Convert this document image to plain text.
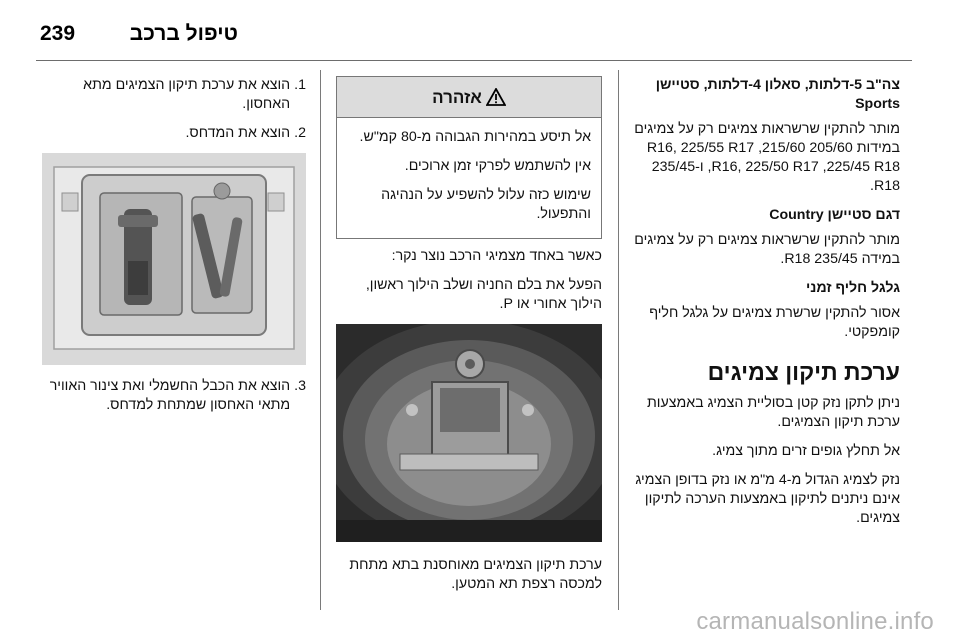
239	טיפול ברכב
צה"ב 5-דלתות, סאלון 4-דלתות, סטיישן Sports

מותר להתקין שרשראות צמיגים רק על צמיגים במידות 205/60 R16, 225/55 R17 ,215/60 R16, 225/50 R17 ,225/45 R18, ו-235/45 R18.

דגם סטיישן Country

מותר להתקין שרשראות צמיגים רק על צמיגים במידה 235/45 R18.

גלגל חליף זמני

אסור להתקין שרשרת צמיגים על גלגל חליף קומפקטי.

ערכת תיקון צמיגים

ניתן לתקן נזק קטן בסוליית הצמיג באמצעות ערכת תיקון הצמיגים.

אל תחלץ גופים זרים מתוך צמיג.

נזק לצמיג הגדול מ-4 מ"מ או נזק בדופן הצמיג אינם ניתנים לתיקון באמצעות הערכה לתיקון צמיגים.

אזהרה

אל תיסע במהירות הגבוהה מ-80 קמ"ש.

אין להשתמש לפרקי זמן ארוכים.

שימוש כזה עלול להשפיע על הנהיגה והתפעול.

כאשר באחד מצמיגי הרכב נוצר נקר:

הפעל את בלם החניה ושלב הילוך ראשון, הילוך אחורי או P.

ערכת תיקון הצמיגים מאוחסנת בתא מתחת למכסה רצפת תא המטען.

1.
הוצא את ערכת תיקון הצמיגים מתא האחסון.
2.
הוצא את המדחס.
3.
הוצא את הכבל החשמלי ואת צינור האוויר מתאי האחסון שמתחת למדחס.
carmanualsonline.info
